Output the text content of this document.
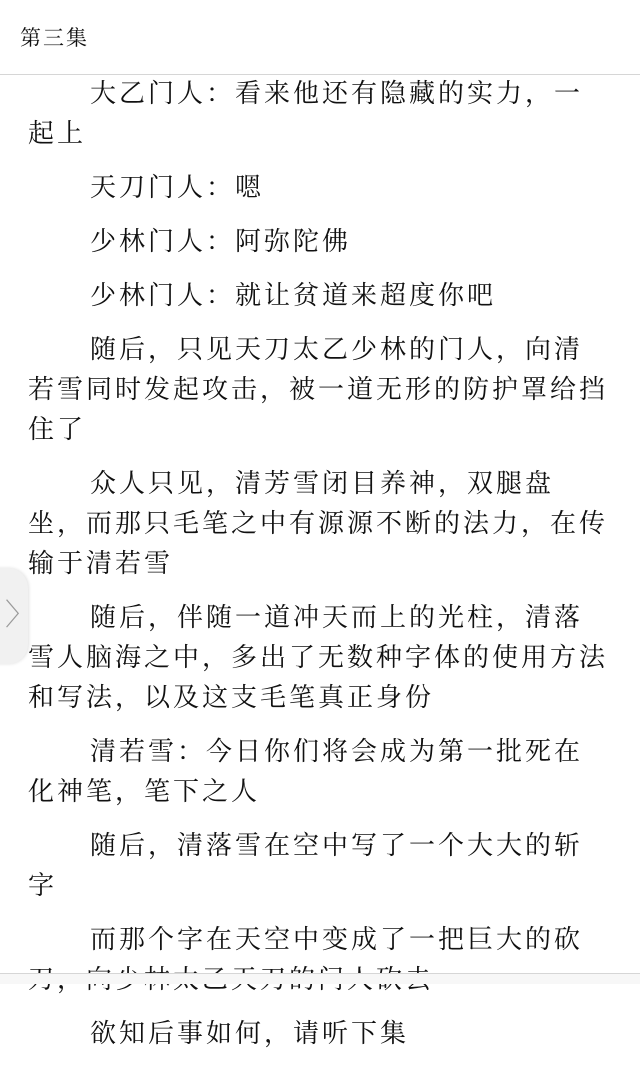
第三集

大乙门人：看来他还有隐藏的实力，一起上

天刀门人：嗯

少林门人：阿弥陀佛

少林门人：就让贫道来超度你吧

随后，只见天刀太乙少林的门人，向清若雪同时发起攻击，被一道无形的防护罩给挡住了

众人只见，清芳雪闭目养神，双腿盘坐，而那只毛笔之中有源源不断的法力，在传输于清若雪

随后，伴随一道冲天而上的光柱，清落雪人脑海之中，多出了无数种字体的使用方法和写法，以及这支毛笔真正身份

清若雪：今日你们将会成为第一批死在化神笔，笔下之人

随后，清落雪在空中写了一个大大的斩字

而那个字在天空中变成了一把巨大的砍

欲知后事如何，请听下集

〉
